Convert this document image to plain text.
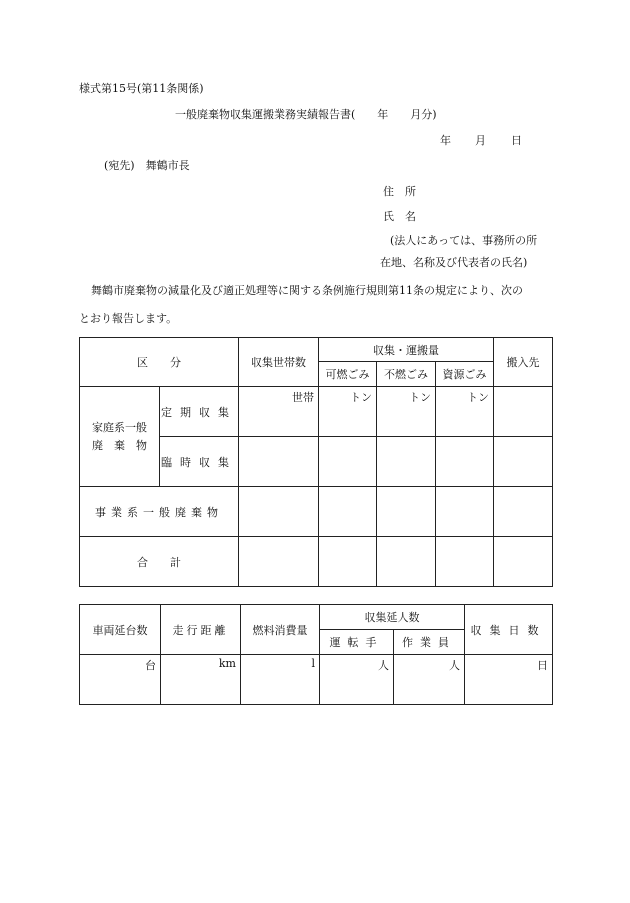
様式第15号(第11条関係)
一般廃棄物収集運搬業務実績報告書(　　年　　月分)
年 月 日
(宛先)　舞鶴市長
住　所
氏　名
(法人にあっては、事務所の所
在地、名称及び代表者の氏名)
舞鶴市廃棄物の減量化及び適正処理等に関する条例施行規則第11条の規定により、次の
とおり報告します。
区　　分		収集世帯数	収集・運搬量			搬入先
			可燃ごみ	不燃ごみ	資源ごみ	
家庭系一般
廃　棄　物	定期収集	世帯	トン	トン	トン	
	臨時収集					
事業系一般廃棄物						
合　　計						
車両延台数	走行距離	燃料消費量	収集延人数		収集日数
			運転手	作業員	
台	km	l	人	人	日
